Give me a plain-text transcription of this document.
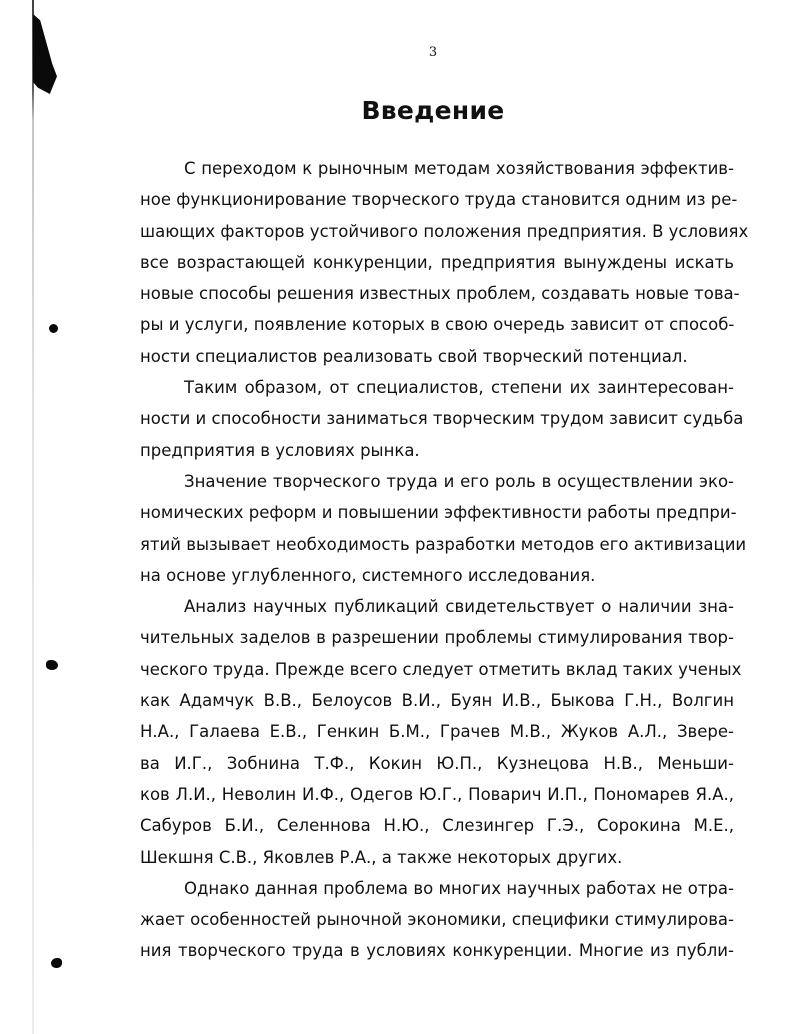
3
Введение
С переходом к рыночным методам хозяйствования эффектив-
ное функционирование творческого труда становится одним из ре-
шающих факторов устойчивого положения предприятия. В условиях
все возрастающей конкуренции, предприятия вынуждены искать
новые способы решения известных проблем, создавать новые това-
ры и услуги, появление которых в свою очередь зависит от способ-
ности специалистов реализовать свой творческий потенциал.
Таким образом, от специалистов, степени их заинтересован-
ности и способности заниматься творческим трудом зависит судьба
предприятия в условиях рынка.
Значение творческого труда и его роль в осуществлении эко-
номических реформ и повышении эффективности работы предпри-
ятий вызывает необходимость разработки методов его активизации
на основе углубленного, системного исследования.
Анализ научных публикаций свидетельствует о наличии зна-
чительных заделов в разрешении проблемы стимулирования твор-
ческого труда. Прежде всего следует отметить вклад таких ученых
как Адамчук В.В., Белоусов В.И., Буян И.В., Быкова Г.Н., Волгин
Н.А., Галаева Е.В., Генкин Б.М., Грачев М.В., Жуков А.Л., Звере-
ва И.Г., Зобнина Т.Ф., Кокин Ю.П., Кузнецова Н.В., Меньши-
ков Л.И., Неволин И.Ф., Одегов Ю.Г., Поварич И.П., Пономарев Я.А.,
Сабуров Б.И., Селеннова Н.Ю., Слезингер Г.Э., Сорокина М.Е.,
Шекшня С.В., Яковлев Р.А., а также некоторых других.
Однако данная проблема во многих научных работах не отра-
жает особенностей рыночной экономики, специфики стимулирова-
ния творческого труда в условиях конкуренции. Многие из публи-
